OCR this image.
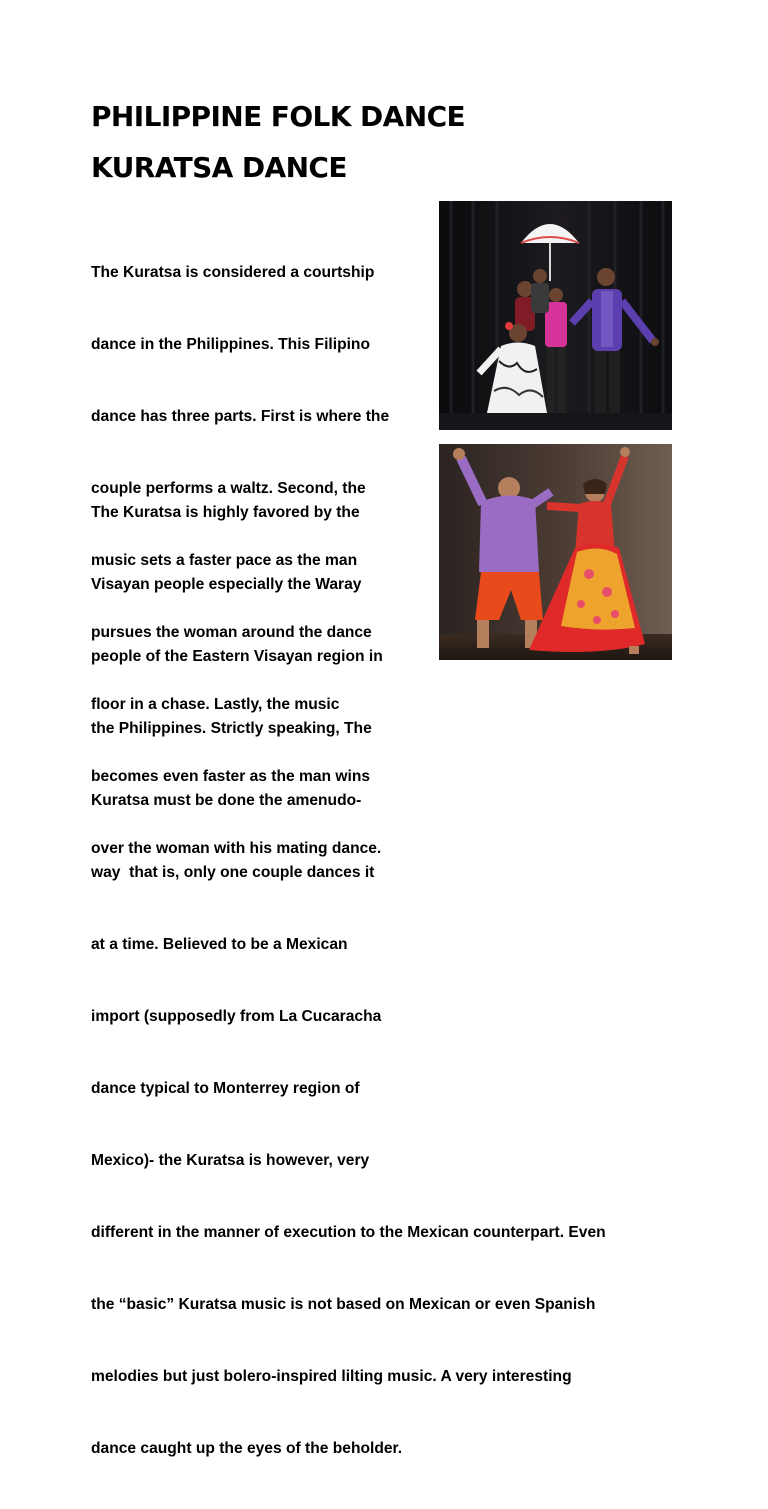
PHILIPPINE FOLK DANCE
KURATSA DANCE

The Kuratsa is considered a courtship

dance in the Philippines. This Filipino

dance has three parts. First is where the

couple performs a waltz. Second, the

music sets a faster pace as the man

pursues the woman around the dance

floor in a chase. Lastly, the music

becomes even faster as the man wins

over the woman with his mating dance.

The Kuratsa is highly favored by the

Visayan people especially the Waray

people of the Eastern Visayan region in

the Philippines. Strictly speaking, The

Kuratsa must be done the amenudo-

way  that is, only one couple dances it

at a time. Believed to be a Mexican

import (supposedly from La Cucaracha

dance typical to Monterrey region of

Mexico)- the Kuratsa is however, very

different in the manner of execution to the Mexican counterpart. Even

the “basic” Kuratsa music is not based on Mexican or even Spanish

melodies but just bolero-inspired lilting music. A very interesting

dance caught up the eyes of the beholder.
